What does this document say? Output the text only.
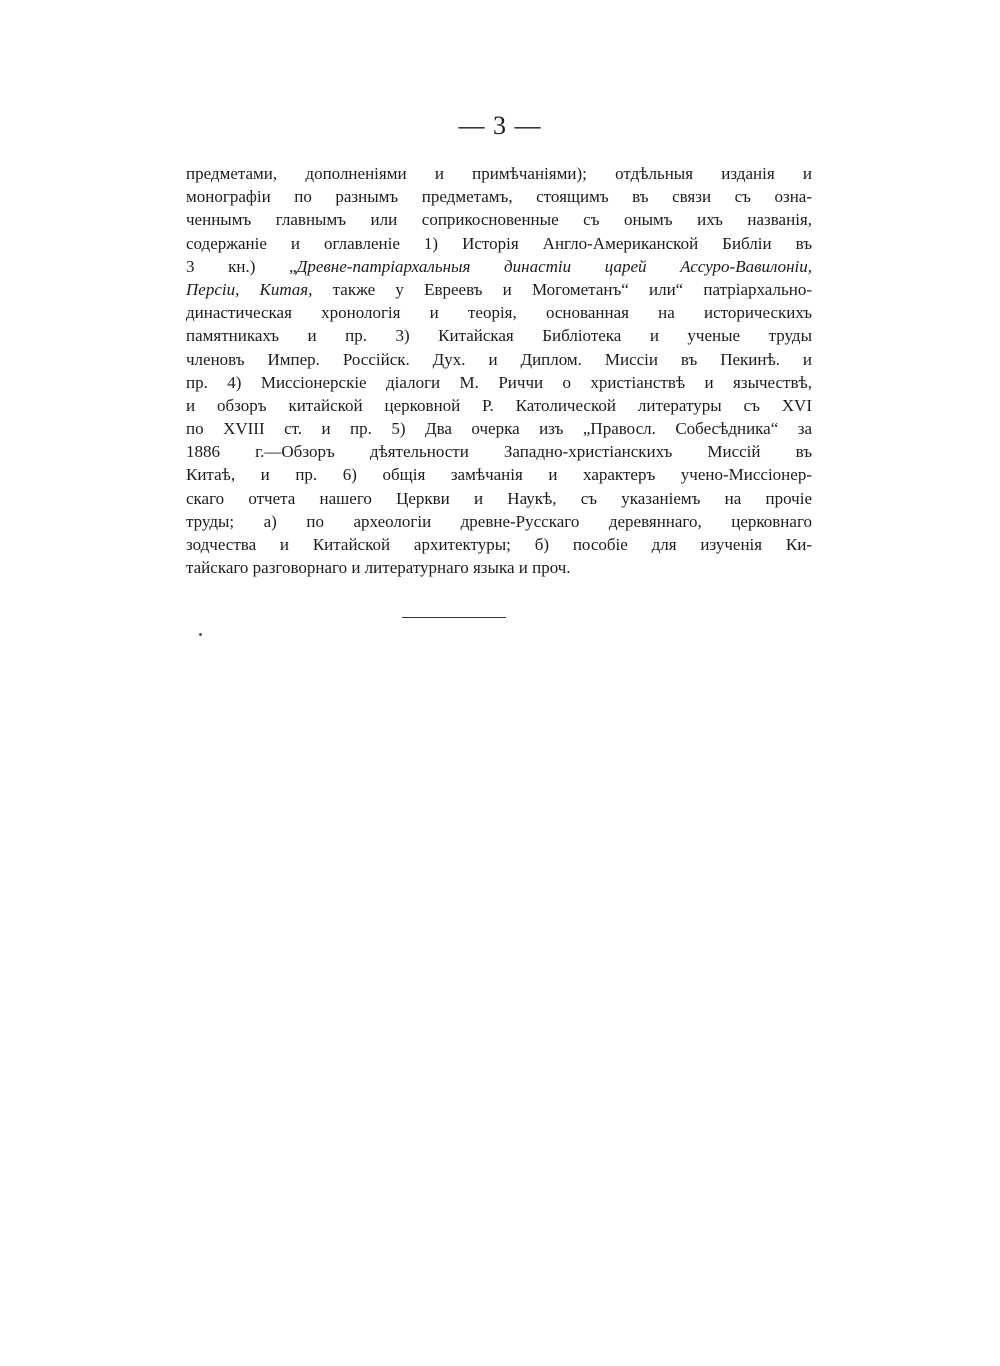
— 3 —
предметами, дополненіями и примѣчаніями); отдѣльныя изданія и
монографіи по разнымъ предметамъ, стоящимъ въ связи съ озна-
ченнымъ главнымъ или соприкосновенные съ онымъ ихъ названія,
содержаніе и оглавленіе 1) Исторія Англо-Американской Библіи въ
3 кн.) „Древне-патріархальныя династіи царей Ассуро-Вавилоніи,
Персіи, Китая, также у Евреевъ и Могометанъ“ или“ патріархально-
династическая хронологія и теорія, основанная на историческихъ
памятникахъ и пр. 3) Китайская Библіотека и ученые труды
членовъ Импер. Россійск. Дух. и Диплом. Миссіи въ Пекинѣ. и
пр. 4) Миссіонерскіе діалоги М. Риччи о христіанствѣ и язычествѣ,
и обзоръ китайской церковной Р. Католической литературы съ XVI
по XVIII ст. и пр. 5) Два очерка изъ „Правосл. Собесѣдника“ за
1886 г.—Обзоръ дѣятельности Западно-христіанскихъ Миссій въ
Китаѣ, и пр. 6) общія замѣчанія и характеръ учено-Миссіонер-
скаго отчета нашего Церкви и Наукѣ, съ указаніемъ на прочіе
труды; а) по археологіи древне-Русскаго деревяннаго, церковнаго
зодчества и Китайской архитектуры; б) пособіе для изученія Ки-
тайскаго разговорнаго и литературнаго языка и проч.
